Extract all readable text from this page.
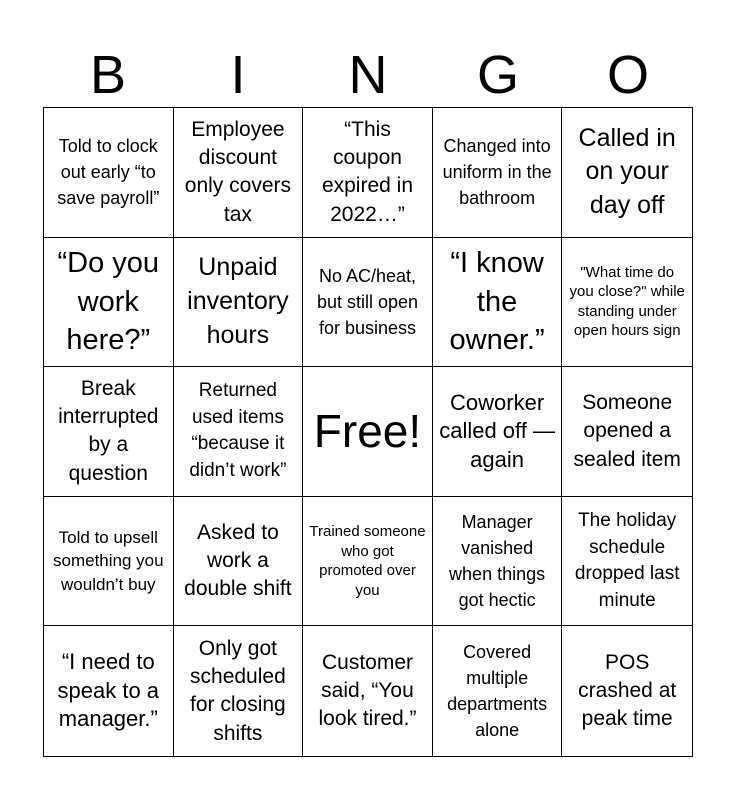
B	I	N	G	O
Told to clock out early “to save payroll”
Employee discount only covers tax
“This coupon expired in 2022…”
Changed into uniform in the bathroom
Called in on your day off
“Do you work here?”
Unpaid inventory hours
No AC/heat, but still open for business
“I know the owner.”
"What time do you close?" while standing under open hours sign
Break interrupted by a question
Returned used items “because it didn’t work”
Free!
Coworker called off — again
Someone opened a sealed item
Told to upsell something you wouldn’t buy
Asked to work a double shift
Trained someone who got promoted over you
Manager vanished when things got hectic
The holiday schedule dropped last minute
“I need to speak to a manager.”
Only got scheduled for closing shifts
Customer said, “You look tired.”
Covered multiple departments alone
POS crashed at peak time
